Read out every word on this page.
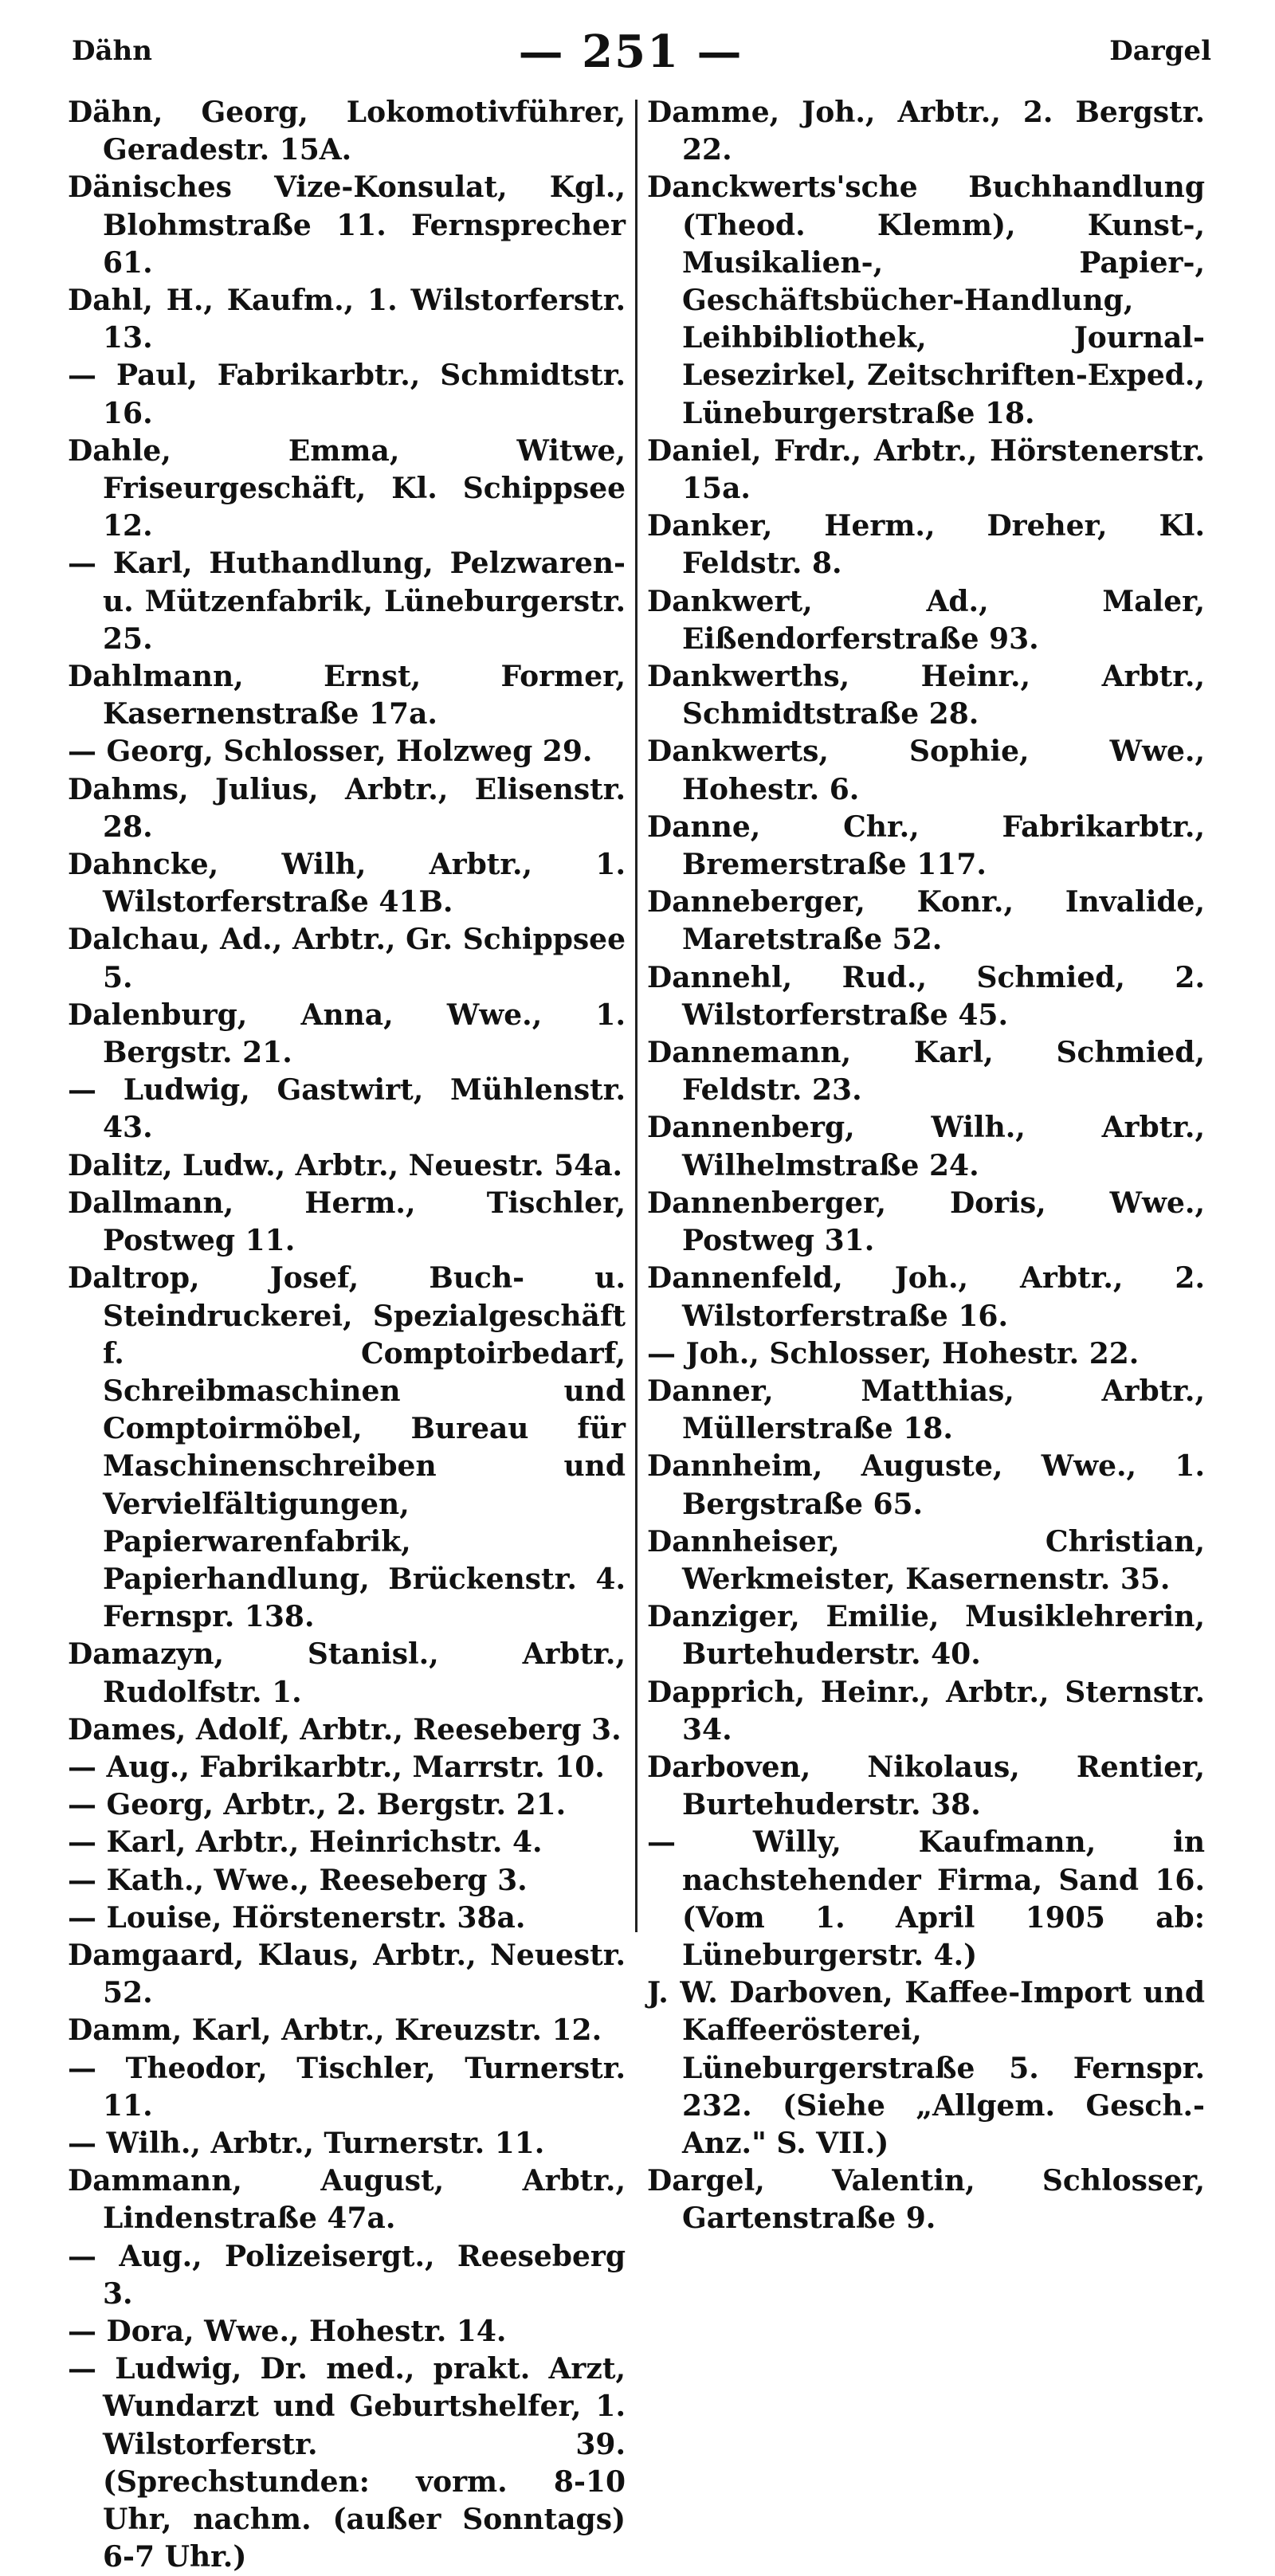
Dähn	— 251 —	Dargel

Dähn, Georg, Lokomotivführer, Geradestr. 15A.

Dänisches Vize-Konsulat, Kgl., Blohmstraße 11. Fernsprecher 61.

Dahl, H., Kaufm., 1. Wilstorferstr. 13.

— Paul, Fabrikarbtr., Schmidtstr. 16.

Dahle, Emma, Witwe, Friseurgeschäft, Kl. Schippsee 12.

— Karl, Huthandlung, Pelzwaren- u. Mützenfabrik, Lüneburgerstr. 25.

Dahlmann, Ernst, Former, Kasernenstraße 17a.

— Georg, Schlosser, Holzweg 29.

Dahms, Julius, Arbtr., Elisenstr. 28.

Dahncke, Wilh, Arbtr., 1. Wilstorferstraße 41B.

Dalchau, Ad., Arbtr., Gr. Schippsee 5.

Dalenburg, Anna, Wwe., 1. Bergstr. 21.

— Ludwig, Gastwirt, Mühlenstr. 43.

Dalitz, Ludw., Arbtr., Neuestr. 54a.

Dallmann, Herm., Tischler, Postweg 11.

Daltrop, Josef, Buch- u. Steindruckerei, Spezialgeschäft f. Comptoirbedarf, Schreibmaschinen und Comptoirmöbel, Bureau für Maschinenschreiben und Vervielfältigungen, Papierwarenfabrik, Papierhandlung, Brückenstr. 4. Fernspr. 138.

Damazyn, Stanisl., Arbtr., Rudolfstr. 1.

Dames, Adolf, Arbtr., Reeseberg 3.

— Aug., Fabrikarbtr., Marrstr. 10.

— Georg, Arbtr., 2. Bergstr. 21.

— Karl, Arbtr., Heinrichstr. 4.

— Kath., Wwe., Reeseberg 3.

— Louise, Hörstenerstr. 38a.

Damgaard, Klaus, Arbtr., Neuestr. 52.

Damm, Karl, Arbtr., Kreuzstr. 12.

— Theodor, Tischler, Turnerstr. 11.

— Wilh., Arbtr., Turnerstr. 11.

Dammann, August, Arbtr., Lindenstraße 47a.

— Aug., Polizeisergt., Reeseberg 3.

— Dora, Wwe., Hohestr. 14.

— Ludwig, Dr. med., prakt. Arzt, Wundarzt und Geburtshelfer, 1. Wilstorferstr. 39. (Sprechstunden: vorm. 8-10 Uhr, nachm. (außer Sonntags) 6-7 Uhr.)

Damme, Joh., Arbtr., 2. Bergstr. 22.

Danckwerts'sche Buchhandlung (Theod. Klemm), Kunst-, Musikalien-, Papier-, Geschäftsbücher-Handlung, Leihbibliothek, Journal-Lesezirkel, Zeitschriften-Exped., Lüneburgerstraße 18.

Daniel, Frdr., Arbtr., Hörstenerstr. 15a.

Danker, Herm., Dreher, Kl. Feldstr. 8.

Dankwert, Ad., Maler, Eißendorferstraße 93.

Dankwerths, Heinr., Arbtr., Schmidtstraße 28.

Dankwerts, Sophie, Wwe., Hohestr. 6.

Danne, Chr., Fabrikarbtr., Bremerstraße 117.

Danneberger, Konr., Invalide, Maretstraße 52.

Dannehl, Rud., Schmied, 2. Wilstorferstraße 45.

Dannemann, Karl, Schmied, Feldstr. 23.

Dannenberg, Wilh., Arbtr., Wilhelmstraße 24.

Dannenberger, Doris, Wwe., Postweg 31.

Dannenfeld, Joh., Arbtr., 2. Wilstorferstraße 16.

— Joh., Schlosser, Hohestr. 22.

Danner, Matthias, Arbtr., Müllerstraße 18.

Dannheim, Auguste, Wwe., 1. Bergstraße 65.

Dannheiser, Christian, Werkmeister, Kasernenstr. 35.

Danziger, Emilie, Musiklehrerin, Burtehuderstr. 40.

Dapprich, Heinr., Arbtr., Sternstr. 34.

Darboven, Nikolaus, Rentier, Burtehuderstr. 38.

— Willy, Kaufmann, in nachstehender Firma, Sand 16. (Vom 1. April 1905 ab: Lüneburgerstr. 4.)

J. W. Darboven, Kaffee-Import und Kaffeerösterei, Lüneburgerstraße 5. Fernspr. 232. (Siehe „Allgem. Gesch.-Anz." S. VII.)

Dargel, Valentin, Schlosser, Gartenstraße 9.
